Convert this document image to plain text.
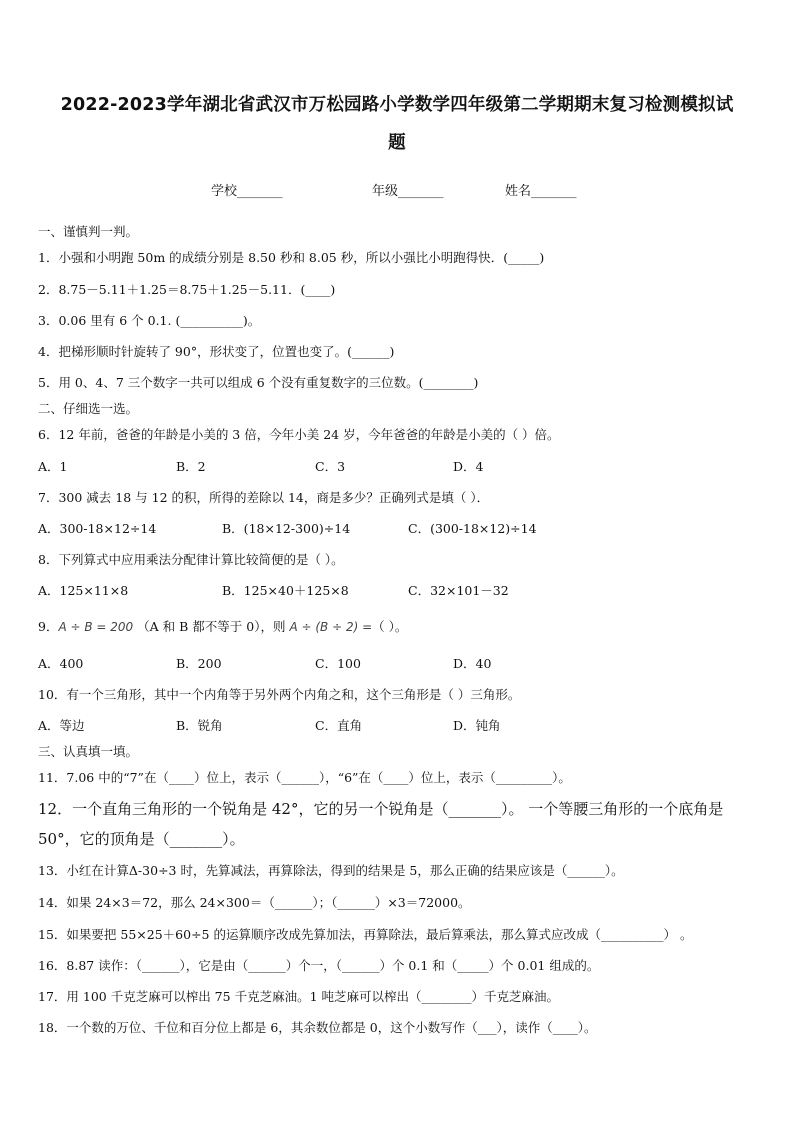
2022-2023学年湖北省武汉市万松园路小学数学四年级第二学期期末复习检测模拟试
题
学校_______	年级_______	姓名_______
一、谨慎判一判。
1．小强和小明跑 50m 的成绩分别是 8.50 秒和 8.05 秒，所以小强比小明跑得快．(_____)
2．8.75－5.11＋1.25＝8.75＋1.25－5.11．(____)
3．0.06 里有 6 个 0.1. (__________)。
4．把梯形顺时针旋转了 90°，形状变了，位置也变了。(______)
5．用 0、4、7 三个数字一共可以组成 6 个没有重复数字的三位数。(________)
二、仔细选一选。
6．12 年前，爸爸的年龄是小美的 3 倍，今年小美 24 岁，今年爸爸的年龄是小美的（ ）倍。
A．1	B．2	C．3	D．4
7．300 减去 18 与 12 的积，所得的差除以 14，商是多少？正确列式是填（ ）．
A．300-18×12÷14	B．(18×12-300)÷14	C．(300-18×12)÷14
8．下列算式中应用乘法分配律计算比较简便的是（ ）。
A．125×11×8	B．125×40＋125×8	C．32×101－32
9．A ÷ B = 200 （A 和 B 都不等于 0），则 A ÷ (B ÷ 2) =（ ）。
A．400	B．200	C．100	D．40
10．有一个三角形，其中一个内角等于另外两个内角之和，这个三角形是（ ）三角形。
A．等边	B．锐角	C．直角	D．钝角
三、认真填一填。
11．7.06 中的“7”在（____）位上，表示（______），“6”在（____）位上，表示（_________）。
12．一个直角三角形的一个锐角是 42°，它的另一个锐角是（_______）。 一个等腰三角形的一个底角是
50°，它的顶角是（_______）。
13．小红在计算Δ-30÷3 时，先算减法，再算除法，得到的结果是 5，那么正确的结果应该是（______）。
14．如果 24×3＝72，那么 24×300＝（______）；（______）×3＝72000。
15．如果要把 55×25＋60÷5 的运算顺序改成先算加法，再算除法，最后算乘法，那么算式应改成（__________） 。
16．8.87 读作：（______），它是由（______）个一，（______）个 0.1 和（_____）个 0.01 组成的。
17．用 100 千克芝麻可以榨出 75 千克芝麻油。1 吨芝麻可以榨出（________）千克芝麻油。
18．一个数的万位、千位和百分位上都是 6，其余数位都是 0，这个小数写作（___），读作（____）。
